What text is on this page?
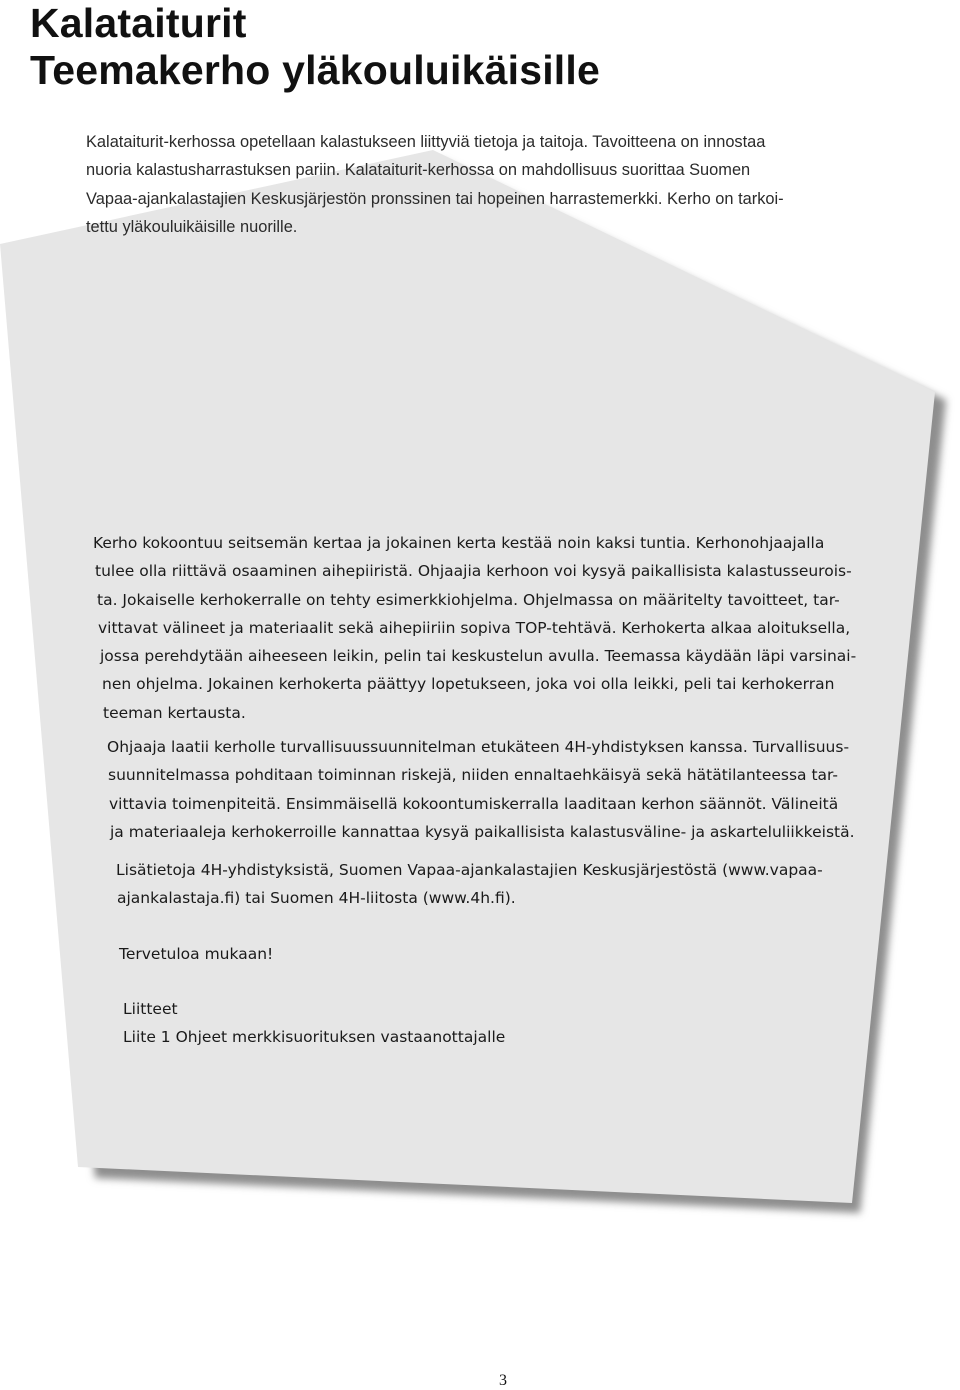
Kalataiturit
Teemakerho yläkouluikäisille

Kalataiturit-kerhossa opetellaan kalastukseen liittyviä tietoja ja taitoja. Tavoitteena on innostaa
nuoria kalastusharrastuksen pariin. Kalataiturit-kerhossa on mahdollisuus suorittaa Suomen
Vapaa-ajankalastajien Keskusjärjestön pronssinen tai hopeinen harrastemerkki. Kerho on tarkoi-
tettu yläkouluikäisille nuorille.

Kerho kokoontuu seitsemän kertaa ja jokainen kerta kestää noin kaksi tuntia. Kerhonohjaajalla
tulee olla riittävä osaaminen aihepiiristä. Ohjaajia kerhoon voi kysyä paikallisista kalastusseurois-
ta. Jokaiselle kerhokerralle on tehty esimerkkiohjelma. Ohjelmassa on määritelty tavoitteet, tar-
vittavat välineet ja materiaalit sekä aihepiiriin sopiva TOP-tehtävä. Kerhokerta alkaa aloituksella,
jossa perehdytään aiheeseen leikin, pelin tai keskustelun avulla. Teemassa käydään läpi varsinai-
nen ohjelma. Jokainen kerhokerta päättyy lopetukseen, joka voi olla leikki, peli tai kerhokerran
teeman kertausta.

Ohjaaja laatii kerholle turvallisuussuunnitelman etukäteen 4H-yhdistyksen kanssa. Turvallisuus-
suunnitelmassa pohditaan toiminnan riskejä, niiden ennaltaehkäisyä sekä hätätilanteessa tar-
vittavia toimenpiteitä. Ensimmäisellä kokoontumiskerralla laaditaan kerhon säännöt. Välineitä
ja materiaaleja kerhokerroille kannattaa kysyä paikallisista kalastusväline- ja askarteluliikkeistä.

Lisätietoja 4H-yhdistyksistä, Suomen Vapaa-ajankalastajien Keskusjärjestöstä (www.vapaa-
ajankalastaja.fi) tai Suomen 4H-liitosta (www.4h.fi).

Tervetuloa mukaan!

Liitteet
Liite 1 Ohjeet merkkisuorituksen vastaanottajalle

3
